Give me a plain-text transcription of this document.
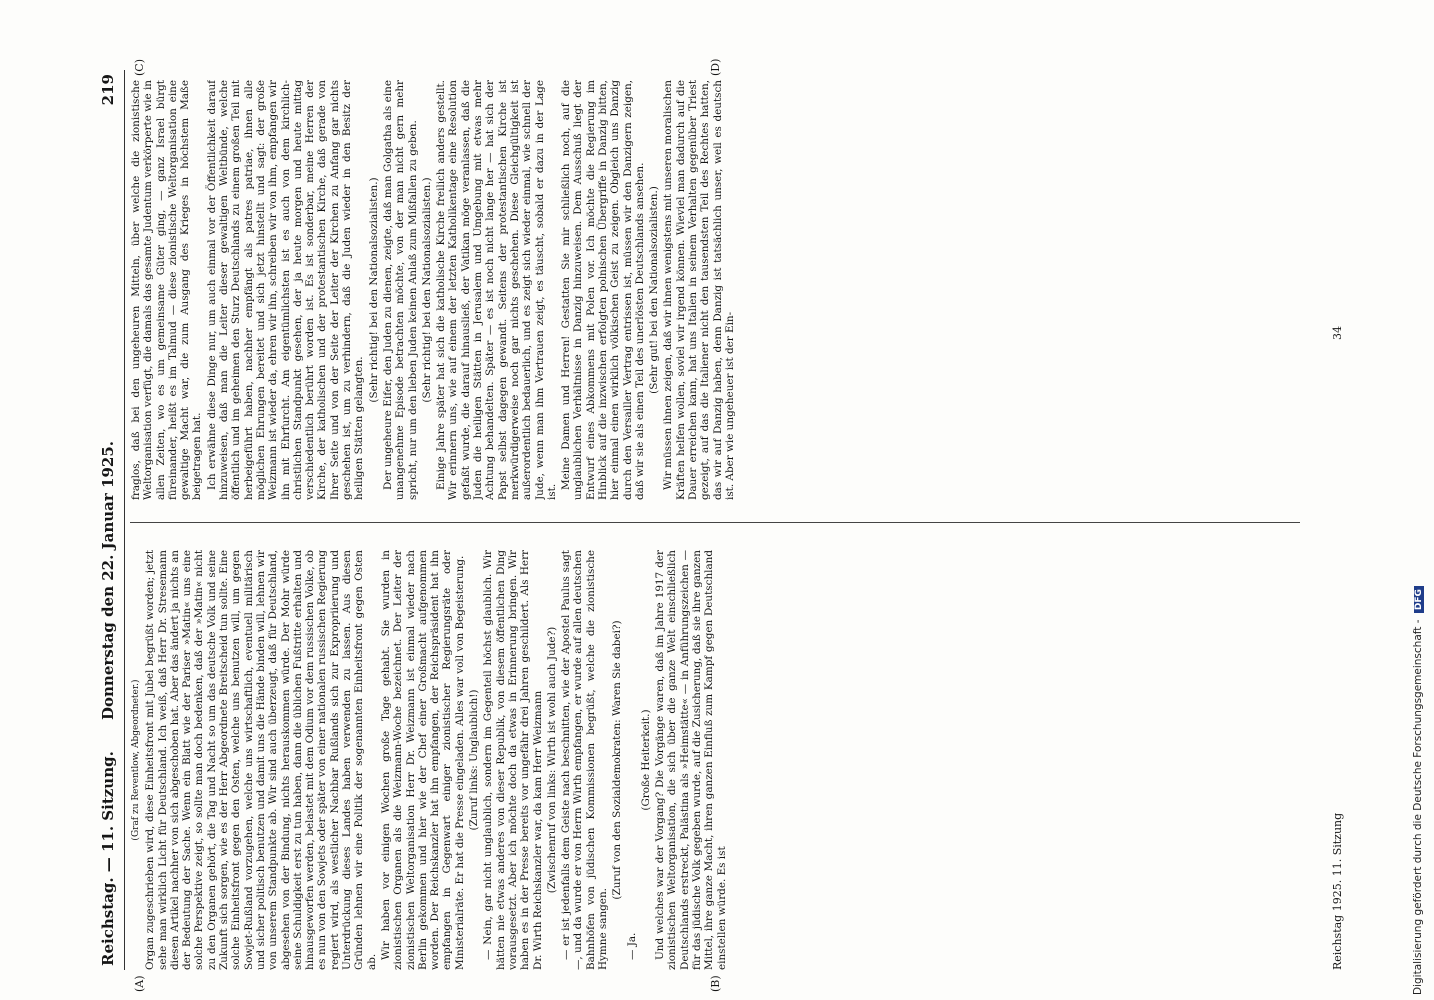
Reichstag. — 11. Sitzung.
Donnerstag den 22. Januar 1925.
219
(A)	(B)
(C)	(D)

(Graf zu Reventlow, Abgeordneter.) Organ zugeschrieben wird, diese Einheitsfront mit Jubel begrüßt worden; jetzt sehe man wirklich Licht für Deutschland. Ich weiß, daß Herr Dr. Stresemann diesen Artikel nachher von sich abgeschoben hat. Aber das ändert ja nichts an der Bedeutung der Sache. Wenn ein Blatt wie der Pariser »Matin« uns eine solche Perspektive zeigt, so sollte man doch bedenken, daß der »Matin« nicht zu den Organen gehört, die Tag und Nacht so um das deutsche Volk und seine Zukunft sich sorgen, wie es der Herr Abgeordnete Breitscheid tun sollte. Eine solche Einheitsfront gegen den Osten, welche uns benutzen will, um gegen Sowjet-Rußland vorzugehen, welche uns wirtschaftlich, eventuell militärisch und sicher politisch benutzen und damit uns die Hände binden will, lehnen wir von unserem Standpunkte ab. Wir sind auch überzeugt, daß für Deutschland, abgesehen von der Bindung, nichts herauskommen würde. Der Mohr würde seine Schuldigkeit erst zu tun haben, dann die üblichen Fußtritte erhalten und hinausgeworfen werden, belastet mit dem Odium vor dem russischen Volke, ob es nun von den Sowjets oder später von einer nationalen russischen Regierung regiert wird, als westlicher Nachbar Rußlands sich zur Expropriierung und Unterdrückung dieses Landes haben verwenden zu lassen. Aus diesen Gründen lehnen wir eine Politik der sogenannten Einheitsfront gegen Osten ab.

Wir haben vor einigen Wochen große Tage gehabt. Sie wurden in zionistischen Organen als die Weizmann-Woche bezeichnet. Der Leiter der zionistischen Weltorganisation Herr Dr. Weizmann ist einmal wieder nach Berlin gekommen und hier wie der Chef einer Großmacht aufgenommen worden. Der Reichskanzler hat ihn empfangen, der Reichspräsident hat ihn empfangen in Gegenwart einiger zionistischer Regierungsräte oder Ministerialräte. Er hat die Presse eingeladen. Alles war voll von Begeisterung. (Zuruf links: Unglaublich!) — Nein, gar nicht unglaublich, sondern im Gegenteil höchst glaublich. Wir hätten nie etwas anderes von dieser Republik, von diesem öffentlichen Ding vorausgesetzt. Aber ich möchte doch da etwas in Erinnerung bringen. Wir haben es in der Presse bereits vor ungefähr drei Jahren geschildert. Als Herr Dr. Wirth Reichskanzler war, da kam Herr Weizmann (Zwischenruf von links: Wirth ist wohl auch Jude?) — er ist jedenfalls dem Geiste nach beschnitten, wie der Apostel Paulus sagt —, und da wurde er von Herrn Wirth empfangen, er wurde auf allen deutschen Bahnhöfen von jüdischen Kommissionen begrüßt, welche die zionistische Hymne sangen.

(Zuruf von den Sozialdemokraten: Waren Sie dabei?)

— Ja.

(Große Heiterkeit.) Und welches war der Vorgang? Die Vorgänge waren, daß im Jahre 1917 der zionistischen Weltorganisation, die sich über die ganze Welt einschließlich Deutschlands erstreckt, Palästina als »Heimstätte« — in Anführungszeichen — für das jüdische Volk gegeben wurde, auf die Zusicherung, daß sie ihre ganzen Mittel, ihre ganze Macht, ihren ganzen Einfluß zum Kampf gegen Deutschland einstellen würde. Es ist

fraglos, daß bei den ungeheuren Mitteln, über welche die zionistische Weltorganisation verfügt, die damals das gesamte Judentum verkörperte wie in allen Zeiten, wo es um gemeinsame Güter ging, — ganz Israel bürgt füreinander, heißt es im Talmud — diese zionistische Weltorganisation eine gewaltige Macht war, die zum Ausgang des Krieges in höchstem Maße beigetragen hat. Ich erwähne diese Dinge nur, um auch einmal vor der Öffentlichkeit darauf hinzuweisen, daß man die Leiter dieser gewaltigen Weltbünde, welche öffentlich und im geheimen den Sturz Deutschlands zu einem großen Teil mit herbeigeführt haben, nachher empfängt als patres patriae, ihnen alle möglichen Ehrungen bereitet und sich jetzt hinstellt und sagt: der große Weizmann ist wieder da, ehren wir ihn, schreiben wir von ihm, empfangen wir ihn mit Ehrfurcht. Am eigentümlichsten ist es auch von dem kirchlich-christlichen Standpunkt gesehen, der ja heute morgen und heute mittag verschiedentlich berührt worden ist. Es ist sonderbar, meine Herren der Kirche, der katholischen und der protestantischen Kirche, daß gerade von Ihrer Seite und von der Seite der Leiter der Kirchen zu Anfang gar nichts geschehen ist, um zu verhindern, daß die Juden wieder in den Besitz der heiligen Stätten gelangten.

(Sehr richtig! bei den Nationalsozialisten.) Der ungeheure Eifer, den Juden zu dienen, zeigte, daß man Golgatha als eine unangenehme Episode betrachten möchte, von der man nicht gern mehr spricht, nur um den lieben Juden keinen Anlaß zum Mißfallen zu geben. (Sehr richtig! bei den Nationalsozialisten.) Einige Jahre später hat sich die katholische Kirche freilich anders gestellt. Wir erinnern uns, wie auf einem der letzten Katholikentage eine Resolution gefaßt wurde, die darauf hinausließ, der Vatikan möge veranlassen, daß die Juden die heiligen Stätten in Jerusalem und Umgebung mit etwas mehr Achtung behandelten. Später — es ist noch nicht lange her — hat sich der Papst selbst dagegen gewandt. Seitens der protestantischen Kirche ist merkwürdigerweise noch gar nichts geschehen. Diese Gleichgültigkeit ist außerordentlich bedauerlich, und es zeigt sich wieder einmal, wie schnell der Jude, wenn man ihm Vertrauen zeigt, es täuscht, sobald er dazu in der Lage ist.

Meine Damen und Herren! Gestatten Sie mir schließlich noch, auf die unglaublichen Verhältnisse in Danzig hinzuweisen. Dem Ausschuß liegt der Entwurf eines Abkommens mit Polen vor. Ich möchte die Regierung im Hinblick auf die inzwischen erfolgten polnischen Übergriffe in Danzig bitten, hier einmal einen wirklich völkischen Geist zu zeigen. Obgleich uns Danzig durch den Versailler Vertrag entrissen ist, müssen wir den Danzigern zeigen, daß wir sie als einen Teil des unerlösten Deutschlands ansehen. (Sehr gut! bei den Nationalsozialisten.) Wir müssen ihnen zeigen, daß wir ihnen wenigstens mit unseren moralischen Kräften helfen wollen, soviel wir irgend können. Wieviel man dadurch auf die Dauer erreichen kann, hat uns Italien in seinem Verhalten gegenüber Triest gezeigt, auf das die Italiener nicht den tausendsten Teil des Rechtes hatten, das wir auf Danzig haben, denn Danzig ist tatsächlich unser, weil es deutsch ist. Aber wie ungeheuer ist der Ein-

Reichstag 1925. 11. Sitzung
34
Digitalisierung gefördert durch die Deutsche Forschungsgemeinschaft - DFG
